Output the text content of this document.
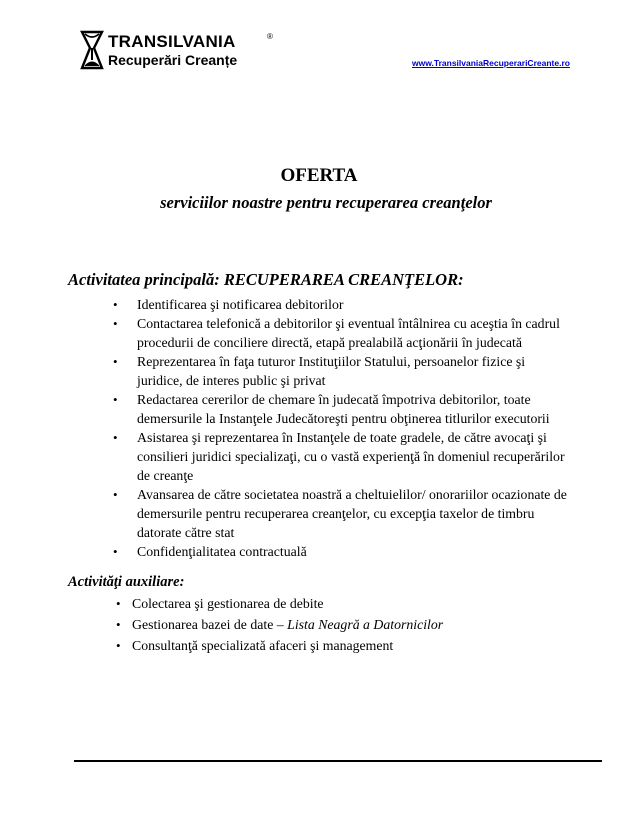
TRANSILVANIA	®
Recuperări Creanțe	www.TransilvaniaRecuperariCreante.ro
OFERTA
serviciilor noastre pentru recuperarea creanţelor
Activitatea principală: RECUPERAREA CREANŢELOR:
• Identificarea şi notificarea debitorilor
• Contactarea telefonică a debitorilor şi eventual întâlnirea cu aceştia în cadrul procedurii de conciliere directă, etapă prealabilă acţionării în judecată
• Reprezentarea în faţa tuturor Instituţiilor Statului, persoanelor fizice şi juridice, de interes public şi privat
• Redactarea cererilor de chemare în judecată împotriva debitorilor, toate demersurile la Instanţele Judecătoreşti pentru obţinerea titlurilor executorii
• Asistarea şi reprezentarea în Instanţele de toate gradele, de către avocaţi şi consilieri juridici specializaţi, cu o vastă experienţă în domeniul recuperărilor de creanţe
• Avansarea de către societatea noastră a cheltuielilor/ onorariilor ocazionate de demersurile pentru recuperarea creanţelor, cu excepţia taxelor de timbru datorate către stat
• Confidenţialitatea contractuală
Activităţi auxiliare:
• Colectarea şi gestionarea de debite
• Gestionarea bazei de date – Lista Neagră a Datornicilor
• Consultanţă specializată afaceri şi management
